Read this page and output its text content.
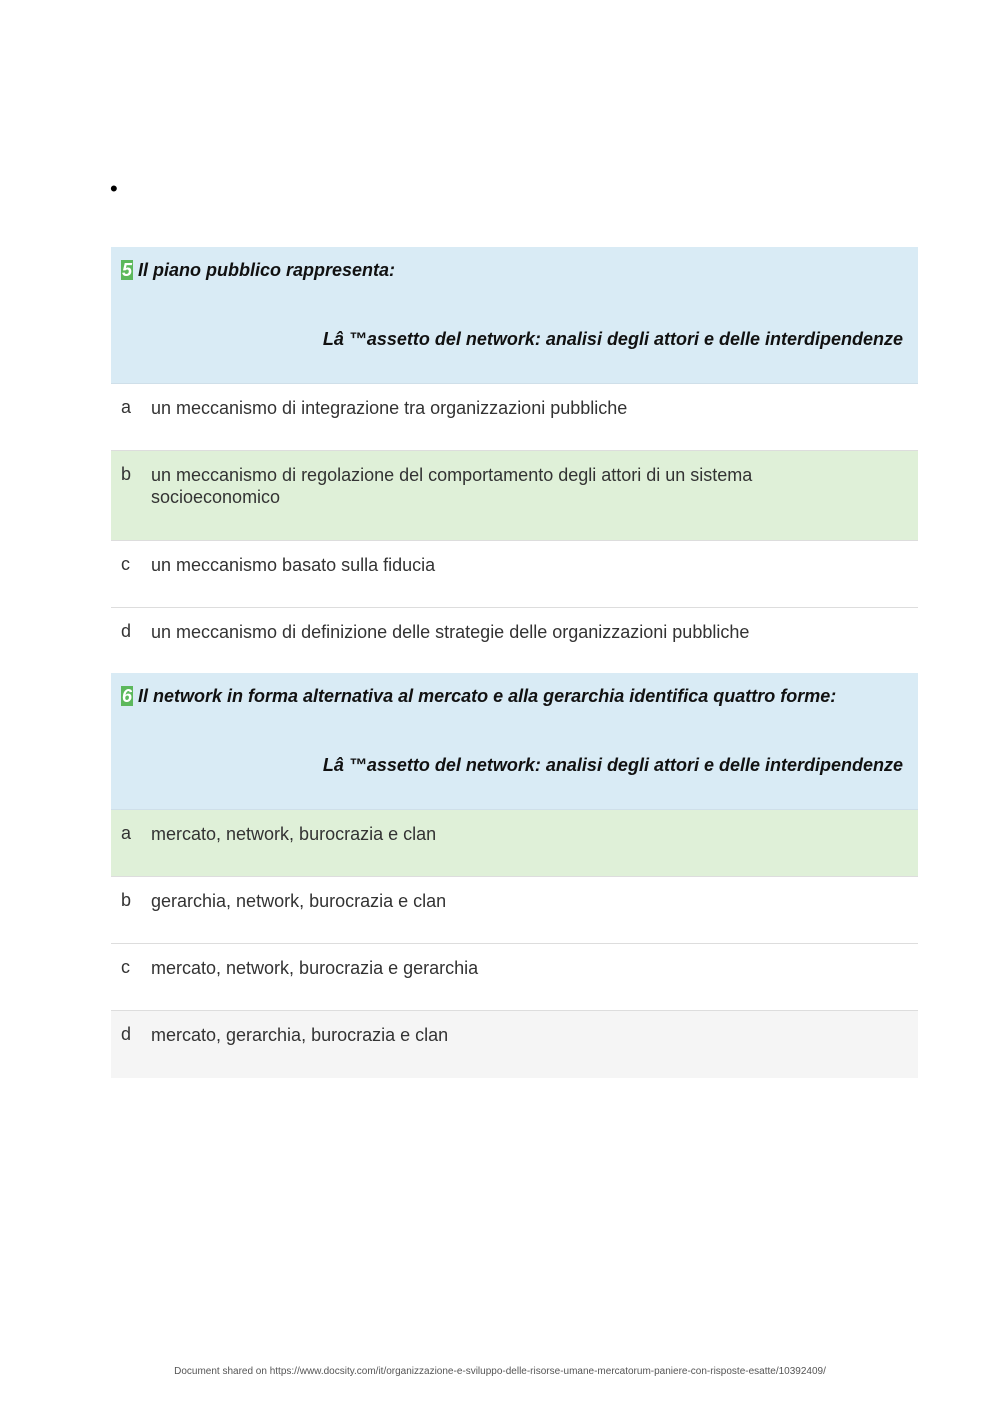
•
5 Il piano pubblico rappresenta:
Lâ ™assetto del network: analisi degli attori e delle interdipendenze
a un meccanismo di integrazione tra organizzazioni pubbliche
b un meccanismo di regolazione del comportamento degli attori di un sistema socioeconomico
c un meccanismo basato sulla fiducia
d un meccanismo di definizione delle strategie delle organizzazioni pubbliche
6 Il network in forma alternativa al mercato e alla gerarchia identifica quattro forme:
Lâ ™assetto del network: analisi degli attori e delle interdipendenze
a mercato, network, burocrazia e clan
b gerarchia, network, burocrazia e clan
c mercato, network, burocrazia e gerarchia
d mercato, gerarchia, burocrazia e clan
Document shared on https://www.docsity.com/it/organizzazione-e-sviluppo-delle-risorse-umane-mercatorum-paniere-con-risposte-esatte/10392409/
